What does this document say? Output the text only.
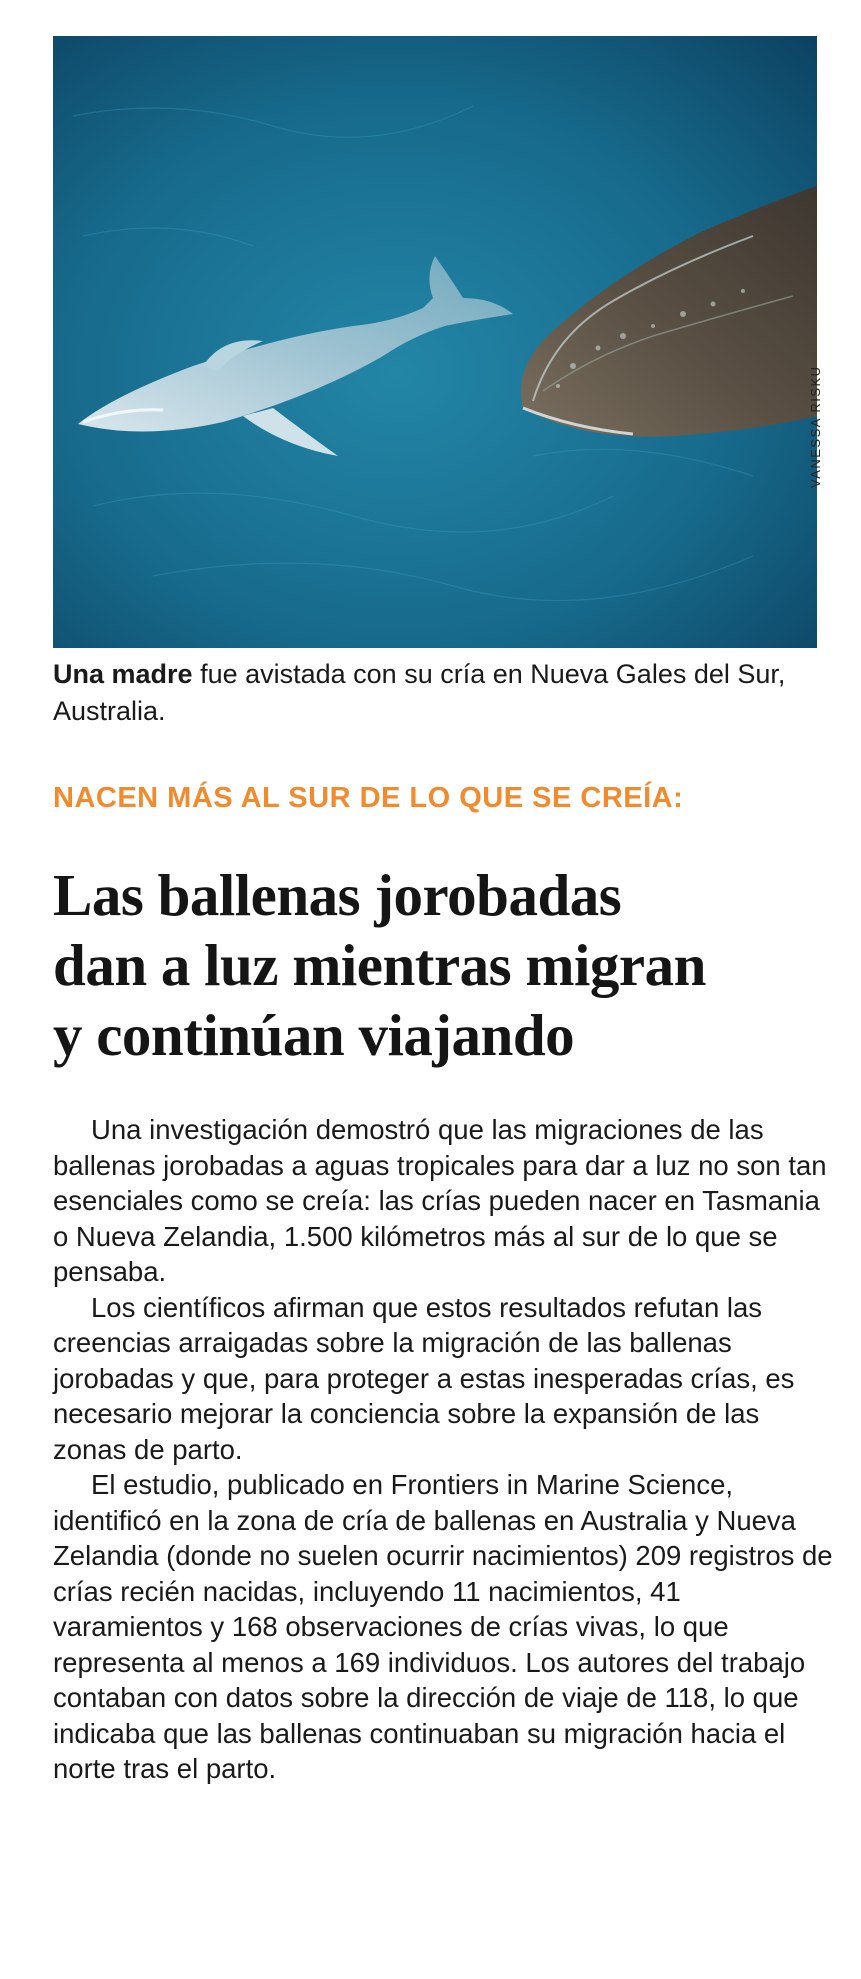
VANESSA RISKU
Una madre fue avistada con su cría en Nueva Gales del Sur, Australia.
NACEN MÁS AL SUR DE LO QUE SE CREÍA:
Las ballenas jorobadas
dan a luz mientras migran
y continúan viajando

Una investigación demostró que las migraciones de las ballenas jorobadas a aguas tropicales para dar a luz no son tan esenciales como se creía: las crías pueden nacer en Tasmania o Nueva Zelandia, 1.500 kilómetros más al sur de lo que se pensaba.

Los científicos afirman que estos resultados refutan las creencias arraigadas sobre la migración de las ballenas jorobadas y que, para proteger a estas inesperadas crías, es necesario mejorar la conciencia sobre la expansión de las zonas de parto.

El estudio, publicado en Frontiers in Marine Science, identificó en la zona de cría de ballenas en Australia y Nueva Zelandia (donde no suelen ocurrir nacimientos) 209 registros de crías recién nacidas, incluyendo 11 nacimientos, 41 varamientos y 168 observaciones de crías vivas, lo que representa al menos a 169 individuos. Los autores del trabajo contaban con datos sobre la dirección de viaje de 118, lo que indicaba que las ballenas continuaban su migración hacia el norte tras el parto.
